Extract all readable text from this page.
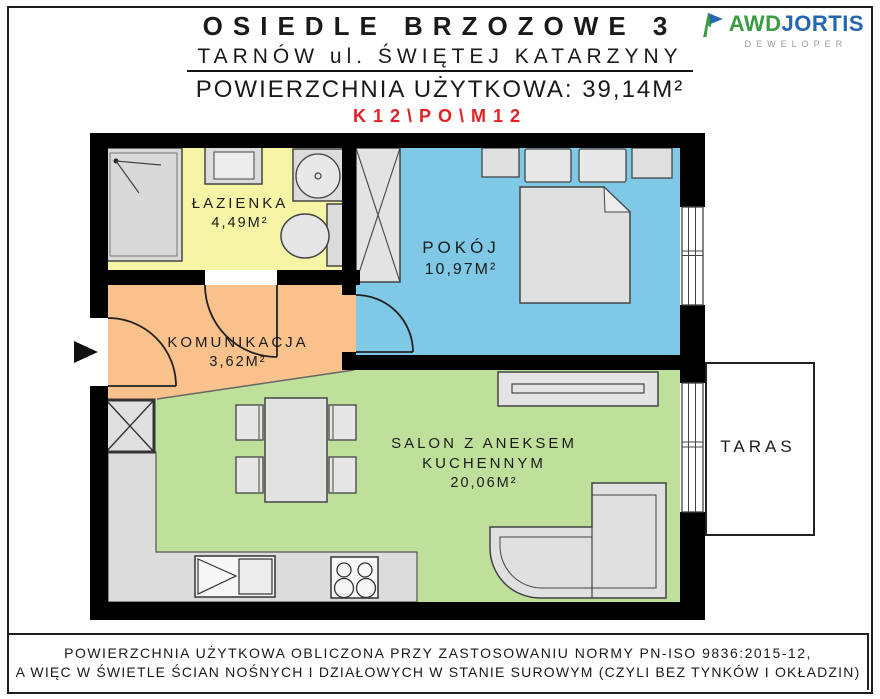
OSIEDLE BRZOZOWE 3
TARNÓW ul. ŚWIĘTEJ KATARZYNY
POWIERZCHNIA UŻYTKOWA: 39,14M²
K12\PO\M12
AWDJORTIS
DEWELOPER
ŁAZIENKA
4,49M²
POKÓJ
10,97M²
KOMUNIKACJA
3,62M²
SALON Z ANEKSEM
KUCHENNYM
20,06M²
TARAS
POWIERZCHNIA UŻYTKOWA OBLICZONA PRZY ZASTOSOWANIU NORMY PN-ISO 9836:2015-12,
A WIĘC W ŚWIETLE ŚCIAN NOŚNYCH I DZIAŁOWYCH W STANIE SUROWYM (CZYLI BEZ TYNKÓW I OKŁADZIN)
